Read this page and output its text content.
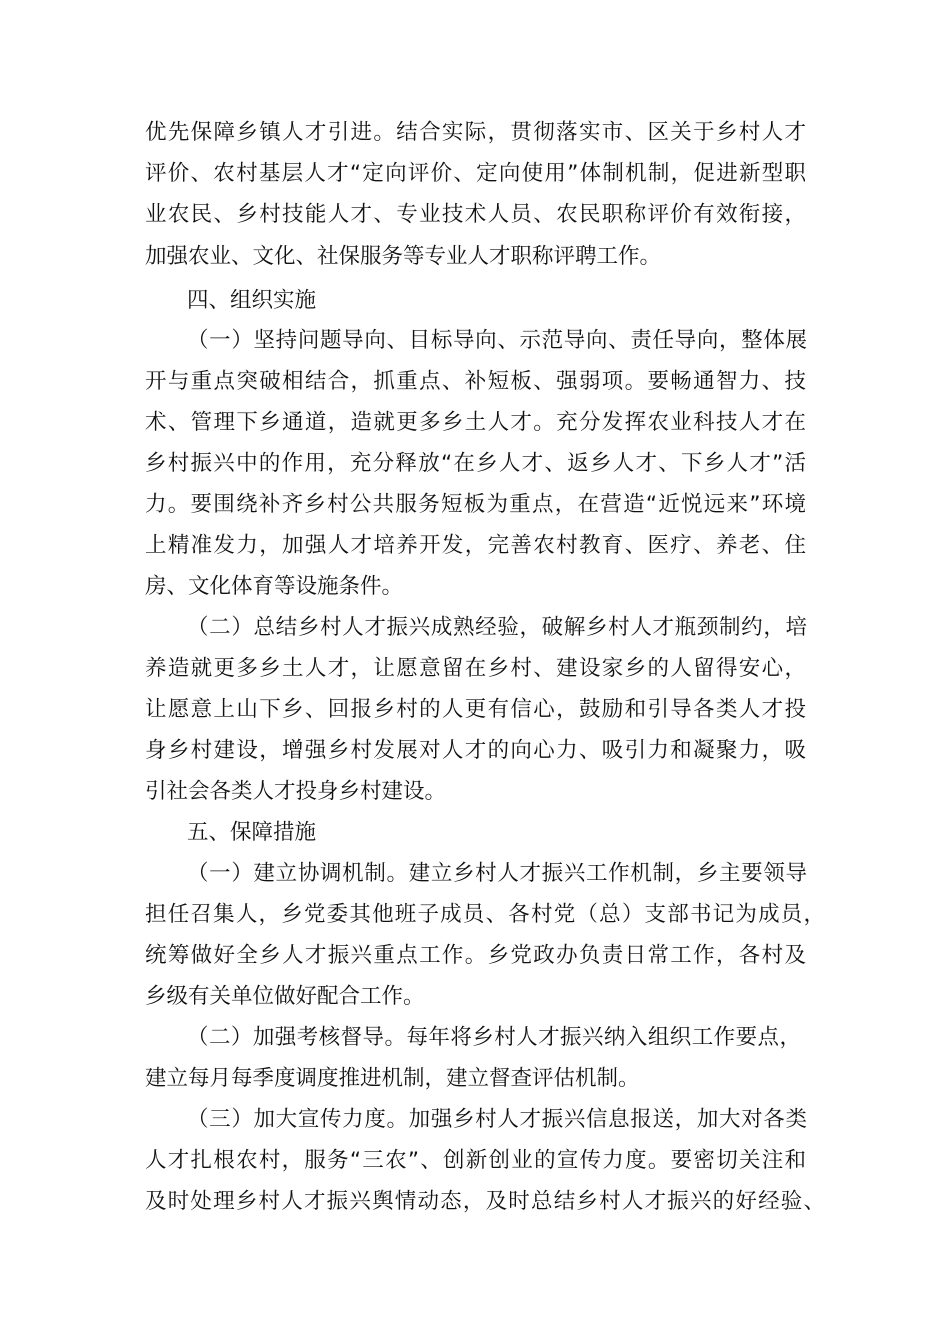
优先保障乡镇人才引进。结合实际，贯彻落实市、区关于乡村人才
评价、农村基层人才“定向评价、定向使用”体制机制，促进新型职
业农民、乡村技能人才、专业技术人员、农民职称评价有效衔接，
加强农业、文化、社保服务等专业人才职称评聘工作。
四、组织实施
（一）坚持问题导向、目标导向、示范导向、责任导向，整体展
开与重点突破相结合，抓重点、补短板、强弱项。要畅通智力、技
术、管理下乡通道，造就更多乡土人才。充分发挥农业科技人才在
乡村振兴中的作用，充分释放“在乡人才、返乡人才、下乡人才”活
力。要围绕补齐乡村公共服务短板为重点，在营造“近悦远来”环境
上精准发力，加强人才培养开发，完善农村教育、医疗、养老、住
房、文化体育等设施条件。
（二）总结乡村人才振兴成熟经验，破解乡村人才瓶颈制约，培
养造就更多乡土人才，让愿意留在乡村、建设家乡的人留得安心，
让愿意上山下乡、回报乡村的人更有信心，鼓励和引导各类人才投
身乡村建设，增强乡村发展对人才的向心力、吸引力和凝聚力，吸
引社会各类人才投身乡村建设。
五、保障措施
（一）建立协调机制。建立乡村人才振兴工作机制，乡主要领导
担任召集人，乡党委其他班子成员、各村党（总）支部书记为成员，
统筹做好全乡人才振兴重点工作。乡党政办负责日常工作，各村及
乡级有关单位做好配合工作。
（二）加强考核督导。每年将乡村人才振兴纳入组织工作要点，
建立每月每季度调度推进机制，建立督查评估机制。
（三）加大宣传力度。加强乡村人才振兴信息报送，加大对各类
人才扎根农村，服务“三农”、创新创业的宣传力度。要密切关注和
及时处理乡村人才振兴舆情动态，及时总结乡村人才振兴的好经验、
